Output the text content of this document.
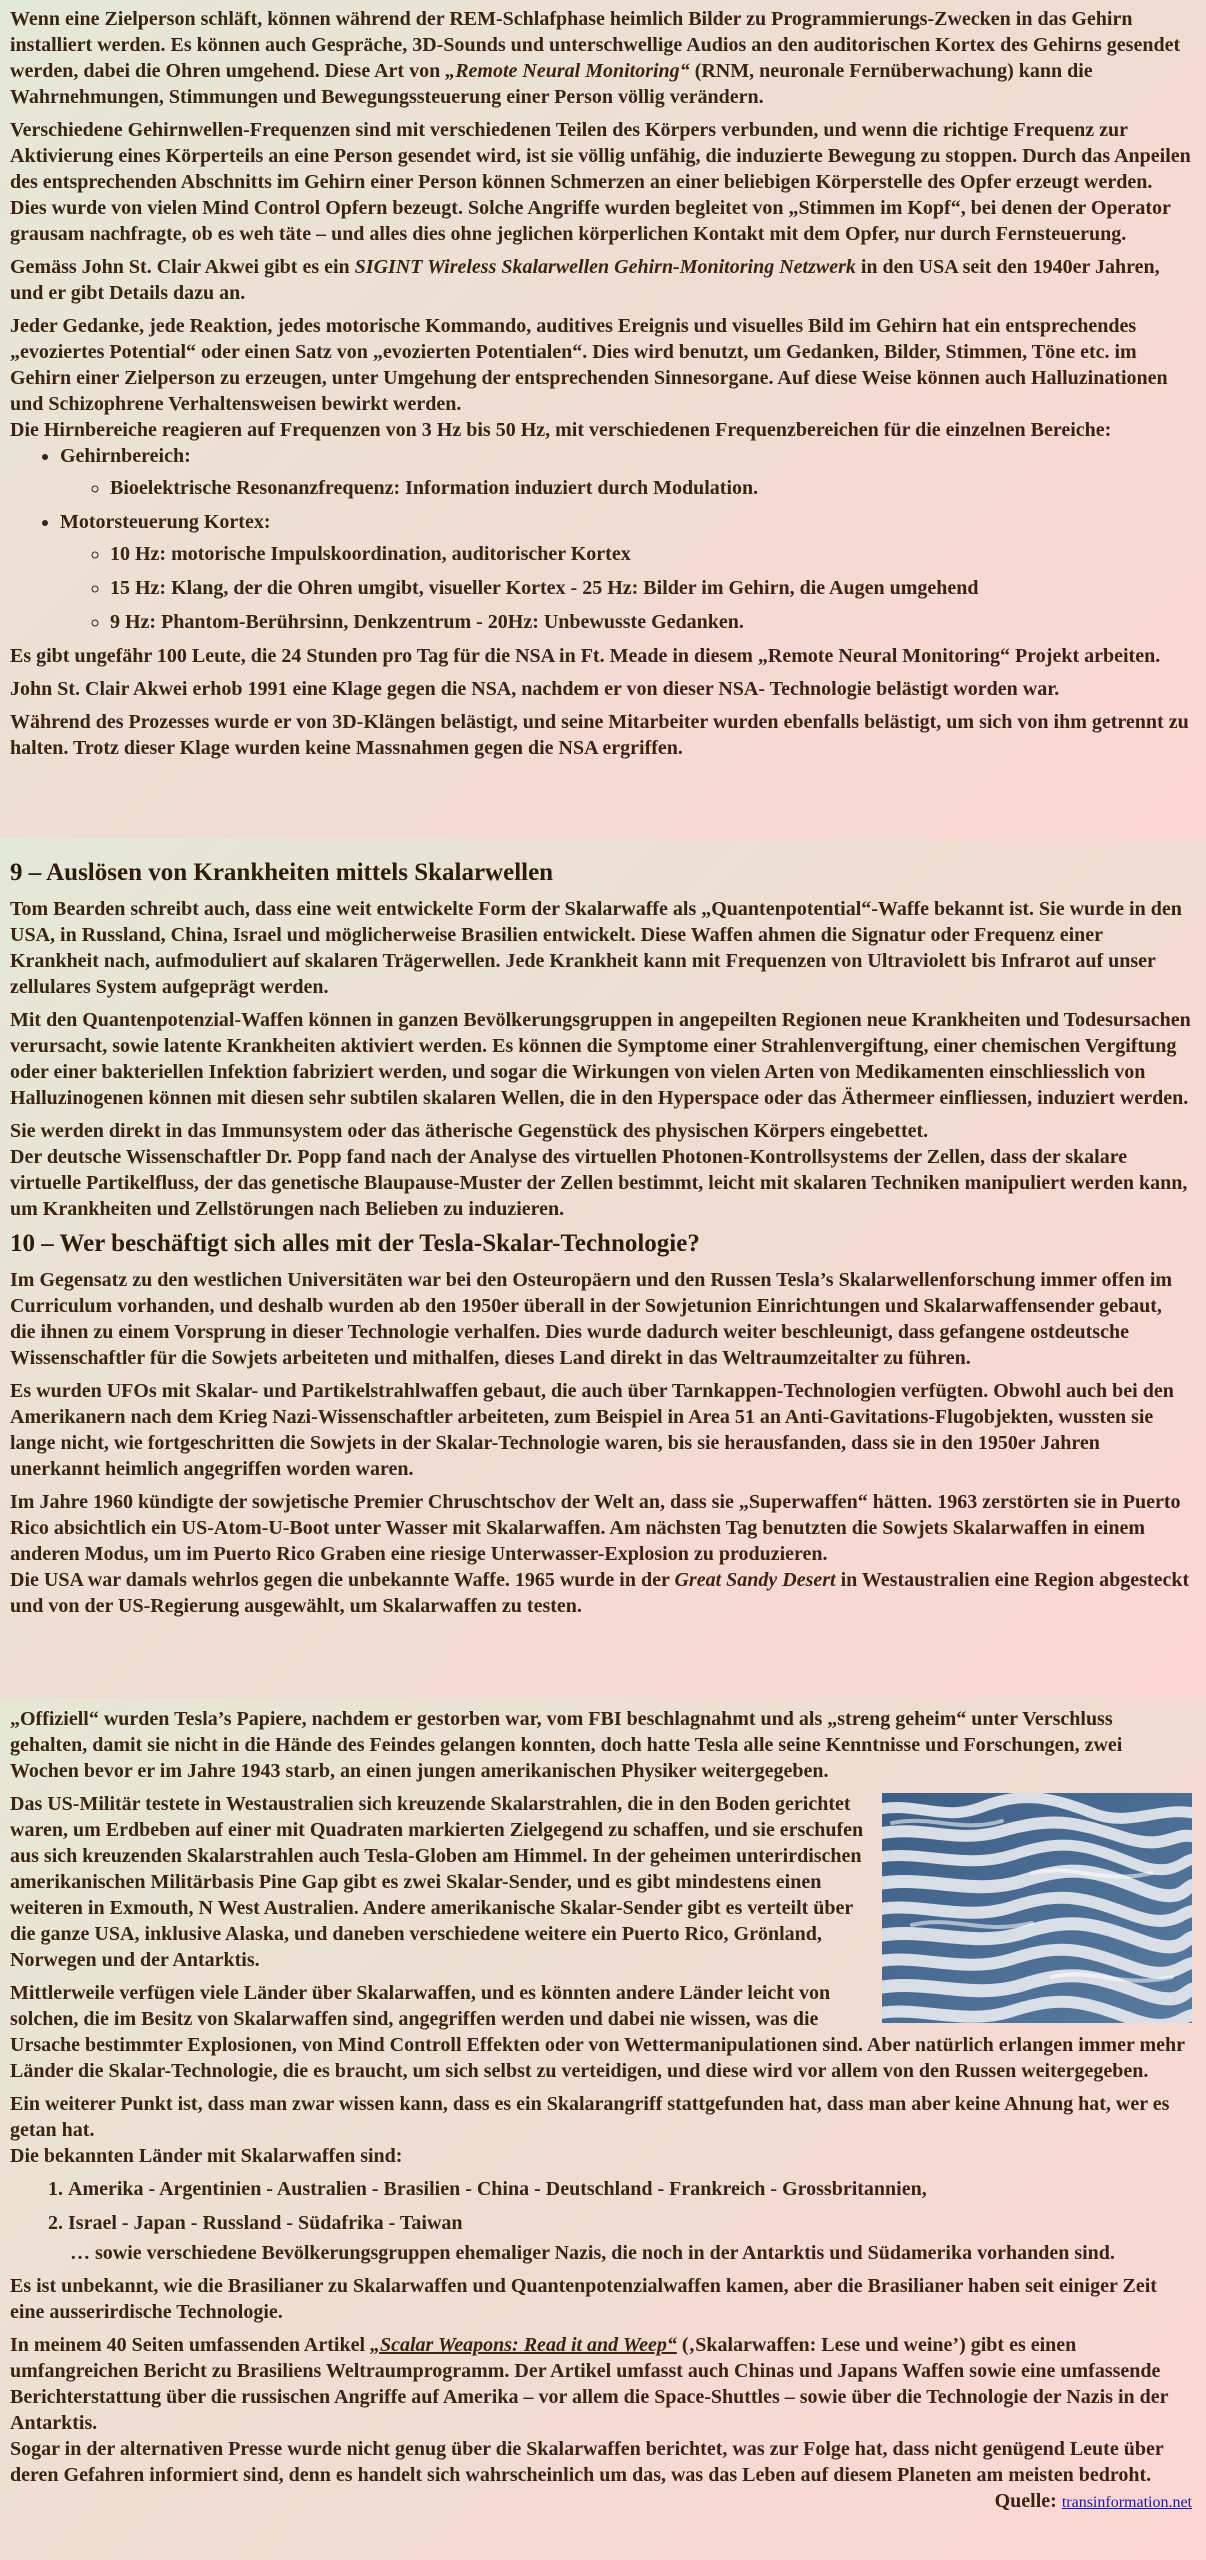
Wenn eine Zielperson schläft, können während der REM-Schlafphase heimlich Bilder zu Programmierungs-Zwecken in das Gehirn installiert werden. Es können auch Gespräche, 3D-Sounds und unterschwellige Audios an den auditorischen Kortex des Gehirns gesendet werden, dabei die Ohren umgehend. Diese Art von „Remote Neural Monitoring“ (RNM, neuronale Fernüberwachung) kann die Wahrnehmungen, Stimmungen und Bewegungssteuerung einer Person völlig verändern.

Verschiedene Gehirnwellen-Frequenzen sind mit verschiedenen Teilen des Körpers verbunden, und wenn die richtige Frequenz zur Aktivierung eines Körperteils an eine Person gesendet wird, ist sie völlig unfähig, die induzierte Bewegung zu stoppen. Durch das Anpeilen des entsprechenden Abschnitts im Gehirn einer Person können Schmerzen an einer beliebigen Körperstelle des Opfer erzeugt werden. Dies wurde von vielen Mind Control Opfern bezeugt. Solche Angriffe wurden begleitet von „Stimmen im Kopf“, bei denen der Operator grausam nachfragte, ob es weh täte – und alles dies ohne jeglichen körperlichen Kontakt mit dem Opfer, nur durch Fernsteuerung.

Gemäss John St. Clair Akwei gibt es ein SIGINT Wireless Skalarwellen Gehirn-Monitoring Netzwerk in den USA seit den 1940er Jahren, und er gibt Details dazu an.

Jeder Gedanke, jede Reaktion, jedes motorische Kommando, auditives Ereignis und visuelles Bild im Gehirn hat ein entsprechendes „evoziertes Potential“ oder einen Satz von „evozierten Potentialen“. Dies wird benutzt, um Gedanken, Bilder, Stimmen, Töne etc. im Gehirn einer Zielperson zu erzeugen, unter Umgehung der entsprechenden Sinnesorgane. Auf diese Weise können auch Halluzinationen und Schizophrene Verhaltensweisen bewirkt werden.

Die Hirnbereiche reagieren auf Frequenzen von 3 Hz bis 50 Hz, mit verschiedenen Frequenzbereichen für die einzelnen Bereiche:

• Gehirnbereich:
◦ Bioelektrische Resonanzfrequenz: Information induziert durch Modulation.
• Motorsteuerung Kortex:
◦ 10 Hz: motorische Impulskoordination, auditorischer Kortex
◦ 15 Hz: Klang, der die Ohren umgibt, visueller Kortex - 25 Hz: Bilder im Gehirn, die Augen umgehend
◦ 9 Hz: Phantom-Berührsinn, Denkzentrum - 20Hz: Unbewusste Gedanken.

Es gibt ungefähr 100 Leute, die 24 Stunden pro Tag für die NSA in Ft. Meade in diesem „Remote Neural Monitoring“ Projekt arbeiten.

John St. Clair Akwei erhob 1991 eine Klage gegen die NSA, nachdem er von dieser NSA- Technologie belästigt worden war.

Während des Prozesses wurde er von 3D-Klängen belästigt, und seine Mitarbeiter wurden ebenfalls belästigt, um sich von ihm getrennt zu halten. Trotz dieser Klage wurden keine Massnahmen gegen die NSA ergriffen.

9 – Auslösen von Krankheiten mittels Skalarwellen

Tom Bearden schreibt auch, dass eine weit entwickelte Form der Skalarwaffe als „Quantenpotential“-Waffe bekannt ist. Sie wurde in den USA, in Russland, China, Israel und möglicherweise Brasilien entwickelt. Diese Waffen ahmen die Signatur oder Frequenz einer Krankheit nach, aufmoduliert auf skalaren Trägerwellen. Jede Krankheit kann mit Frequenzen von Ultraviolett bis Infrarot auf unser zellulares System aufgeprägt werden.

Mit den Quantenpotenzial-Waffen können in ganzen Bevölkerungsgruppen in angepeilten Regionen neue Krankheiten und Todesursachen verursacht, sowie latente Krankheiten aktiviert werden. Es können die Symptome einer Strahlenvergiftung, einer chemischen Vergiftung oder einer bakteriellen Infektion fabriziert werden, und sogar die Wirkungen von vielen Arten von Medikamenten einschliesslich von Halluzinogenen können mit diesen sehr subtilen skalaren Wellen, die in den Hyperspace oder das Äthermeer einfliessen, induziert werden.

Sie werden direkt in das Immunsystem oder das ätherische Gegenstück des physischen Körpers eingebettet.

Der deutsche Wissenschaftler Dr. Popp fand nach der Analyse des virtuellen Photonen-Kontrollsystems der Zellen, dass der skalare virtuelle Partikelfluss, der das genetische Blaupause-Muster der Zellen bestimmt, leicht mit skalaren Techniken manipuliert werden kann, um Krankheiten und Zellstörungen nach Belieben zu induzieren.

10 – Wer beschäftigt sich alles mit der Tesla-Skalar-Technologie?

Im Gegensatz zu den westlichen Universitäten war bei den Osteuropäern und den Russen Tesla’s Skalarwellenforschung immer offen im Curriculum vorhanden, und deshalb wurden ab den 1950er überall in der Sowjetunion Einrichtungen und Skalarwaffensender gebaut, die ihnen zu einem Vorsprung in dieser Technologie verhalfen. Dies wurde dadurch weiter beschleunigt, dass gefangene ostdeutsche Wissenschaftler für die Sowjets arbeiteten und mithalfen, dieses Land direkt in das Weltraumzeitalter zu führen.

Es wurden UFOs mit Skalar- und Partikelstrahlwaffen gebaut, die auch über Tarnkappen-Technologien verfügten. Obwohl auch bei den Amerikanern nach dem Krieg Nazi-Wissenschaftler arbeiteten, zum Beispiel in Area 51 an Anti-Gavitations-Flugobjekten, wussten sie lange nicht, wie fortgeschritten die Sowjets in der Skalar-Technologie waren, bis sie herausfanden, dass sie in den 1950er Jahren unerkannt heimlich angegriffen worden waren.

Im Jahre 1960 kündigte der sowjetische Premier Chruschtschov der Welt an, dass sie „Superwaffen“ hätten. 1963 zerstörten sie in Puerto Rico absichtlich ein US-Atom-U-Boot unter Wasser mit Skalarwaffen. Am nächsten Tag benutzten die Sowjets Skalarwaffen in einem anderen Modus, um im Puerto Rico Graben eine riesige Unterwasser-Explosion zu produzieren.

Die USA war damals wehrlos gegen die unbekannte Waffe. 1965 wurde in der Great Sandy Desert in Westaustralien eine Region abgesteckt und von der US-Regierung ausgewählt, um Skalarwaffen zu testen.

„Offiziell“ wurden Tesla’s Papiere, nachdem er gestorben war, vom FBI beschlagnahmt und als „streng geheim“ unter Verschluss gehalten, damit sie nicht in die Hände des Feindes gelangen konnten, doch hatte Tesla alle seine Kenntnisse und Forschungen, zwei Wochen bevor er im Jahre 1943 starb, an einen jungen amerikanischen Physiker weitergegeben.

Das US-Militär testete in Westaustralien sich kreuzende Skalarstrahlen, die in den Boden gerichtet waren, um Erdbeben auf einer mit Quadraten markierten Zielgegend zu schaffen, und sie erschufen aus sich kreuzenden Skalarstrahlen auch Tesla-Globen am Himmel. In der geheimen unterirdischen amerikanischen Militärbasis Pine Gap gibt es zwei Skalar-Sender, und es gibt mindestens einen weiteren in Exmouth, N West Australien. Andere amerikanische Skalar-Sender gibt es verteilt über die ganze USA, inklusive Alaska, und daneben verschiedene weitere ein Puerto Rico, Grönland, Norwegen und der Antarktis.

Mittlerweile verfügen viele Länder über Skalarwaffen, und es könnten andere Länder leicht von solchen, die im Besitz von Skalarwaffen sind, angegriffen werden und dabei nie wissen, was die Ursache bestimmter Explosionen, von Mind Controll Effekten oder von Wettermanipulationen sind. Aber natürlich erlangen immer mehr Länder die Skalar-Technologie, die es braucht, um sich selbst zu verteidigen, und diese wird vor allem von den Russen weitergegeben.

Ein weiterer Punkt ist, dass man zwar wissen kann, dass es ein Skalarangriff stattgefunden hat, dass man aber keine Ahnung hat, wer es getan hat.

Die bekannten Länder mit Skalarwaffen sind:

1. Amerika - Argentinien - Australien - Brasilien - China - Deutschland - Frankreich - Grossbritannien,
2. Israel - Japan - Russland - Südafrika - Taiwan

… sowie verschiedene Bevölkerungsgruppen ehemaliger Nazis, die noch in der Antarktis und Südamerika vorhanden sind.

Es ist unbekannt, wie die Brasilianer zu Skalarwaffen und Quantenpotenzialwaffen kamen, aber die Brasilianer haben seit einiger Zeit eine ausserirdische Technologie.

In meinem 40 Seiten umfassenden Artikel „Scalar Weapons: Read it and Weep“ (‚Skalarwaffen: Lese und weine’) gibt es einen umfangreichen Bericht zu Brasiliens Weltraumprogramm. Der Artikel umfasst auch Chinas und Japans Waffen sowie eine umfassende Berichterstattung über die russischen Angriffe auf Amerika – vor allem die Space-Shuttles – sowie über die Technologie der Nazis in der Antarktis.

Sogar in der alternativen Presse wurde nicht genug über die Skalarwaffen berichtet, was zur Folge hat, dass nicht genügend Leute über deren Gefahren informiert sind, denn es handelt sich wahrscheinlich um das, was das Leben auf diesem Planeten am meisten bedroht.
Quelle: transinformation.net
